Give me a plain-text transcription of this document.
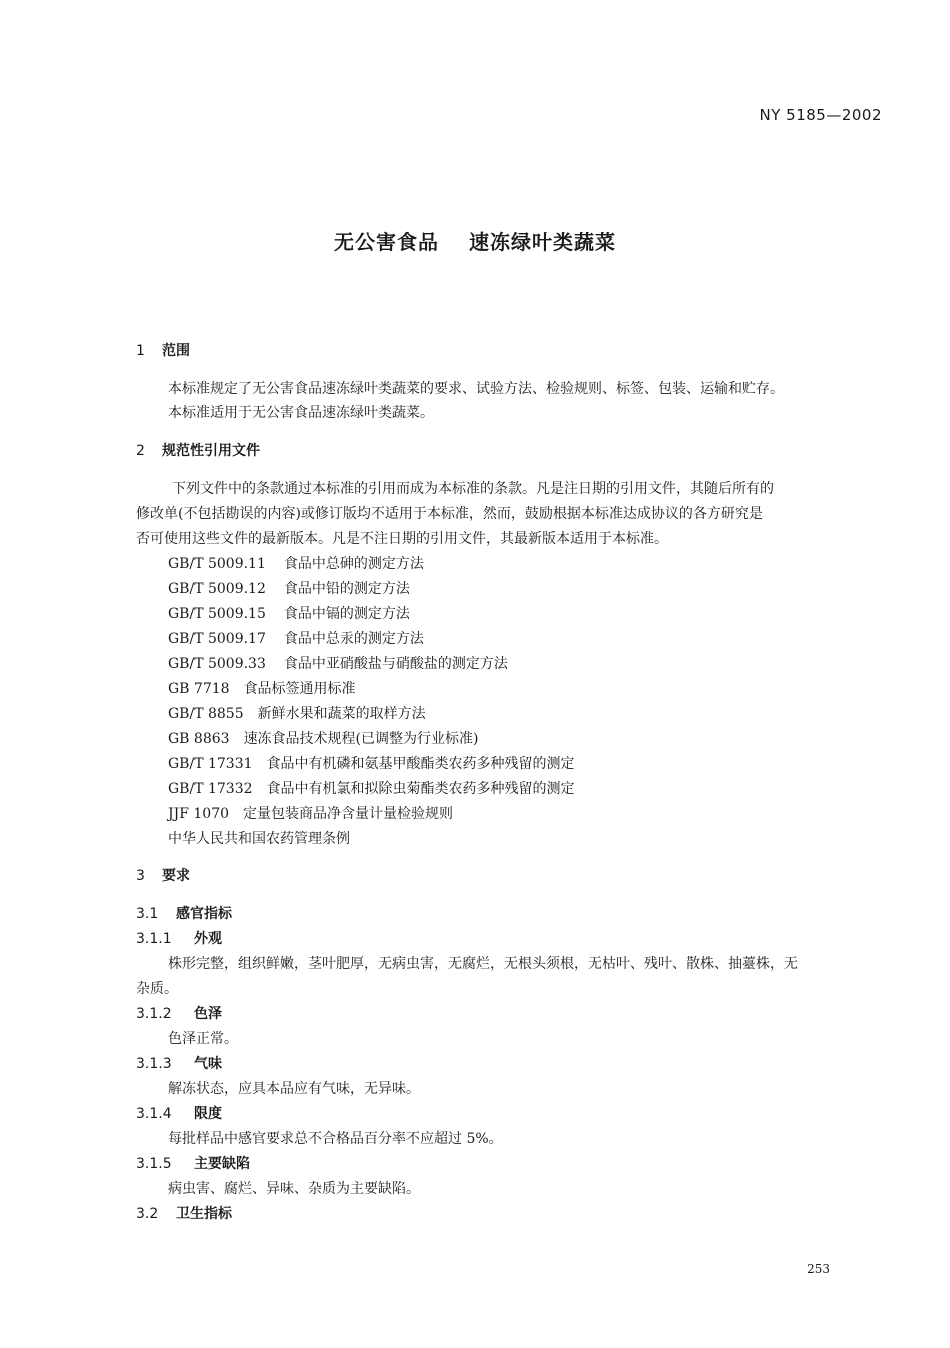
NY 5185—2002
无公害食品 速冻绿叶类蔬菜
1 范围
本标准规定了无公害食品速冻绿叶类蔬菜的要求、试验方法、检验规则、标签、包装、运输和贮存。
本标准适用于无公害食品速冻绿叶类蔬菜。
2 规范性引用文件
下列文件中的条款通过本标准的引用而成为本标准的条款。凡是注日期的引用文件，其随后所有的
修改单(不包括勘误的内容)或修订版均不适用于本标准，然而，鼓励根据本标准达成协议的各方研究是
否可使用这些文件的最新版本。凡是不注日期的引用文件，其最新版本适用于本标准。
GB/T 5009.11 食品中总砷的测定方法
GB/T 5009.12 食品中铅的测定方法
GB/T 5009.15 食品中镉的测定方法
GB/T 5009.17 食品中总汞的测定方法
GB/T 5009.33 食品中亚硝酸盐与硝酸盐的测定方法
GB 7718 食品标签通用标准
GB/T 8855 新鲜水果和蔬菜的取样方法
GB 8863 速冻食品技术规程(已调整为行业标准)
GB/T 17331 食品中有机磷和氨基甲酸酯类农药多种残留的测定
GB/T 17332 食品中有机氯和拟除虫菊酯类农药多种残留的测定
JJF 1070 定量包装商品净含量计量检验规则
中华人民共和国农药管理条例
3 要求
3.1 感官指标
3.1.1 外观
株形完整，组织鲜嫩，茎叶肥厚，无病虫害，无腐烂，无根头须根，无枯叶、残叶、散株、抽薹株，无
杂质。
3.1.2 色泽
色泽正常。
3.1.3 气味
解冻状态，应具本品应有气味，无异味。
3.1.4 限度
每批样品中感官要求总不合格品百分率不应超过 5%。
3.1.5 主要缺陷
病虫害、腐烂、异味、杂质为主要缺陷。
3.2 卫生指标
253
